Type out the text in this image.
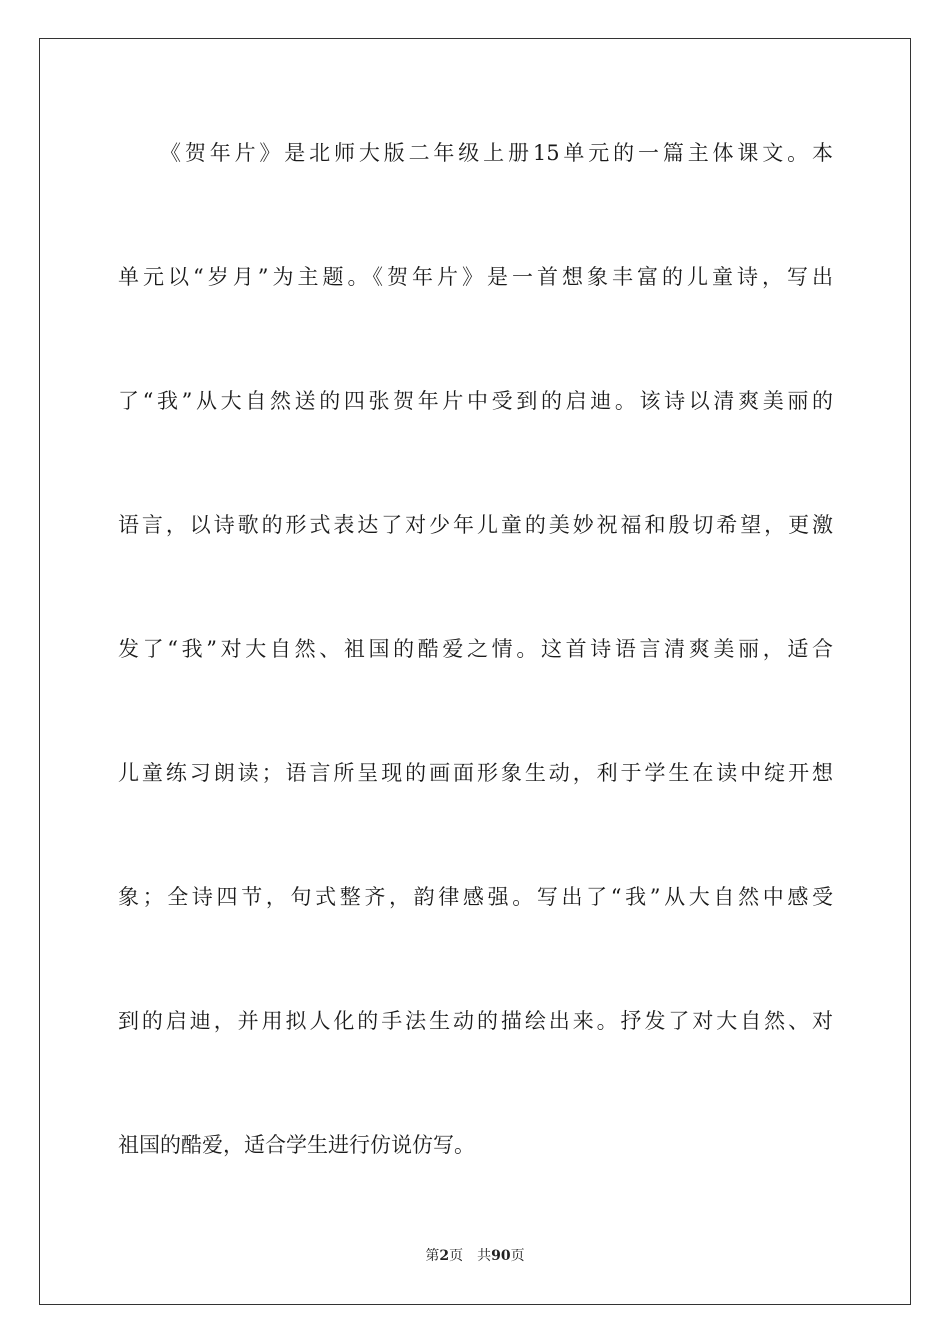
《贺年片》是北师大版二年级上册15单元的一篇主体课文。本
单元以“岁月”为主题。《贺年片》是一首想象丰富的儿童诗，写出
了“我”从大自然送的四张贺年片中受到的启迪。该诗以清爽美丽的
语言，以诗歌的形式表达了对少年儿童的美妙祝福和殷切希望，更激
发了“我”对大自然、祖国的酷爱之情。这首诗语言清爽美丽，适合
儿童练习朗读；语言所呈现的画面形象生动，利于学生在读中绽开想
象；全诗四节，句式整齐，韵律感强。写出了“我”从大自然中感受
到的启迪，并用拟人化的手法生动的描绘出来。抒发了对大自然、对
祖国的酷爱，适合学生进行仿说仿写。
第2页 共90页
